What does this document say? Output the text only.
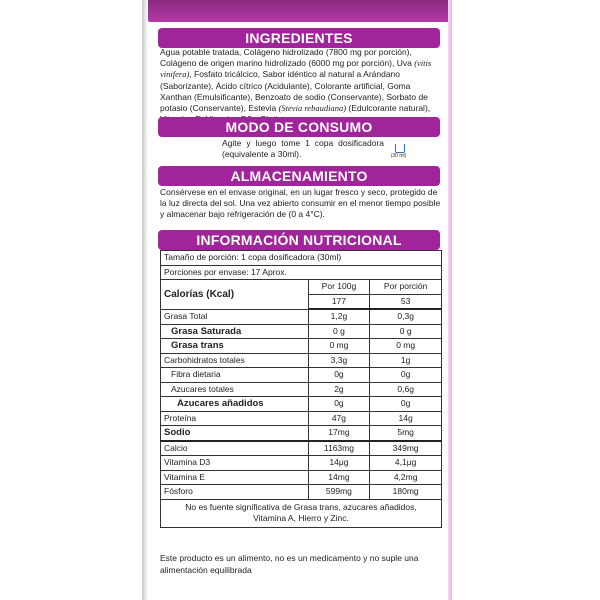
INGREDIENTES
Agua potable tratada, Colágeno hidrolizado (7800 mg por porción), Colágeno de origen marino hidrolizado (6000 mg por porción), Uva (vitis vinifera), Fosfato tricálcico, Sabor idéntico al natural a Arándano (Saborizante), Ácido cítrico (Acidulante), Colorante artificial, Goma Xanthan (Emulsificante), Benzoato de sodio (Conservante), Sorbato de potasio (Conservante), Estevia (Stevia rebaudiana) (Edulcorante natural),
MODO DE CONSUMO
Agite y luego tome 1 copa dosificadora (equivalente a 30ml).	(30 ml)
ALMACENAMIENTO
Consérvese en el envase original, en un lugar fresco y seco, protegido de la luz directa del sol. Una vez abierto consumir en el menor tiempo posible y almacenar bajo refrigeración de (0 a 4°C).
INFORMACIÓN NUTRICIONAL
Tamaño de porción: 1 copa dosificadora (30ml)		
Porciones por envase: 17 Aprox.		
Calorías (Kcal)	Por 100g	Por porción
	177	53
Grasa Total	1,2g	0,3g
Grasa Saturada	0 g	0 g
Grasa trans	0 mg	0 mg
Carbohidratos totales	3,3g	1g
Fibra dietaria	0g	0g
Azucares totales	2g	0,6g
Azucares añadidos	0g	0g
Proteína	47g	14g
Sodio	17mg	5mg
Calcio	1163mg	349mg
Vitamina D3	14μg	4,1μg
Vitamina E	14mg	4,2mg
Fósforo	599mg	180mg
No es fuente significativa de Grasa trans, azucares añadidos, Vitamina A, Hierro y Zinc.		
Este producto es un alimento, no es un medicamento y no suple una alimentación equilibrada
